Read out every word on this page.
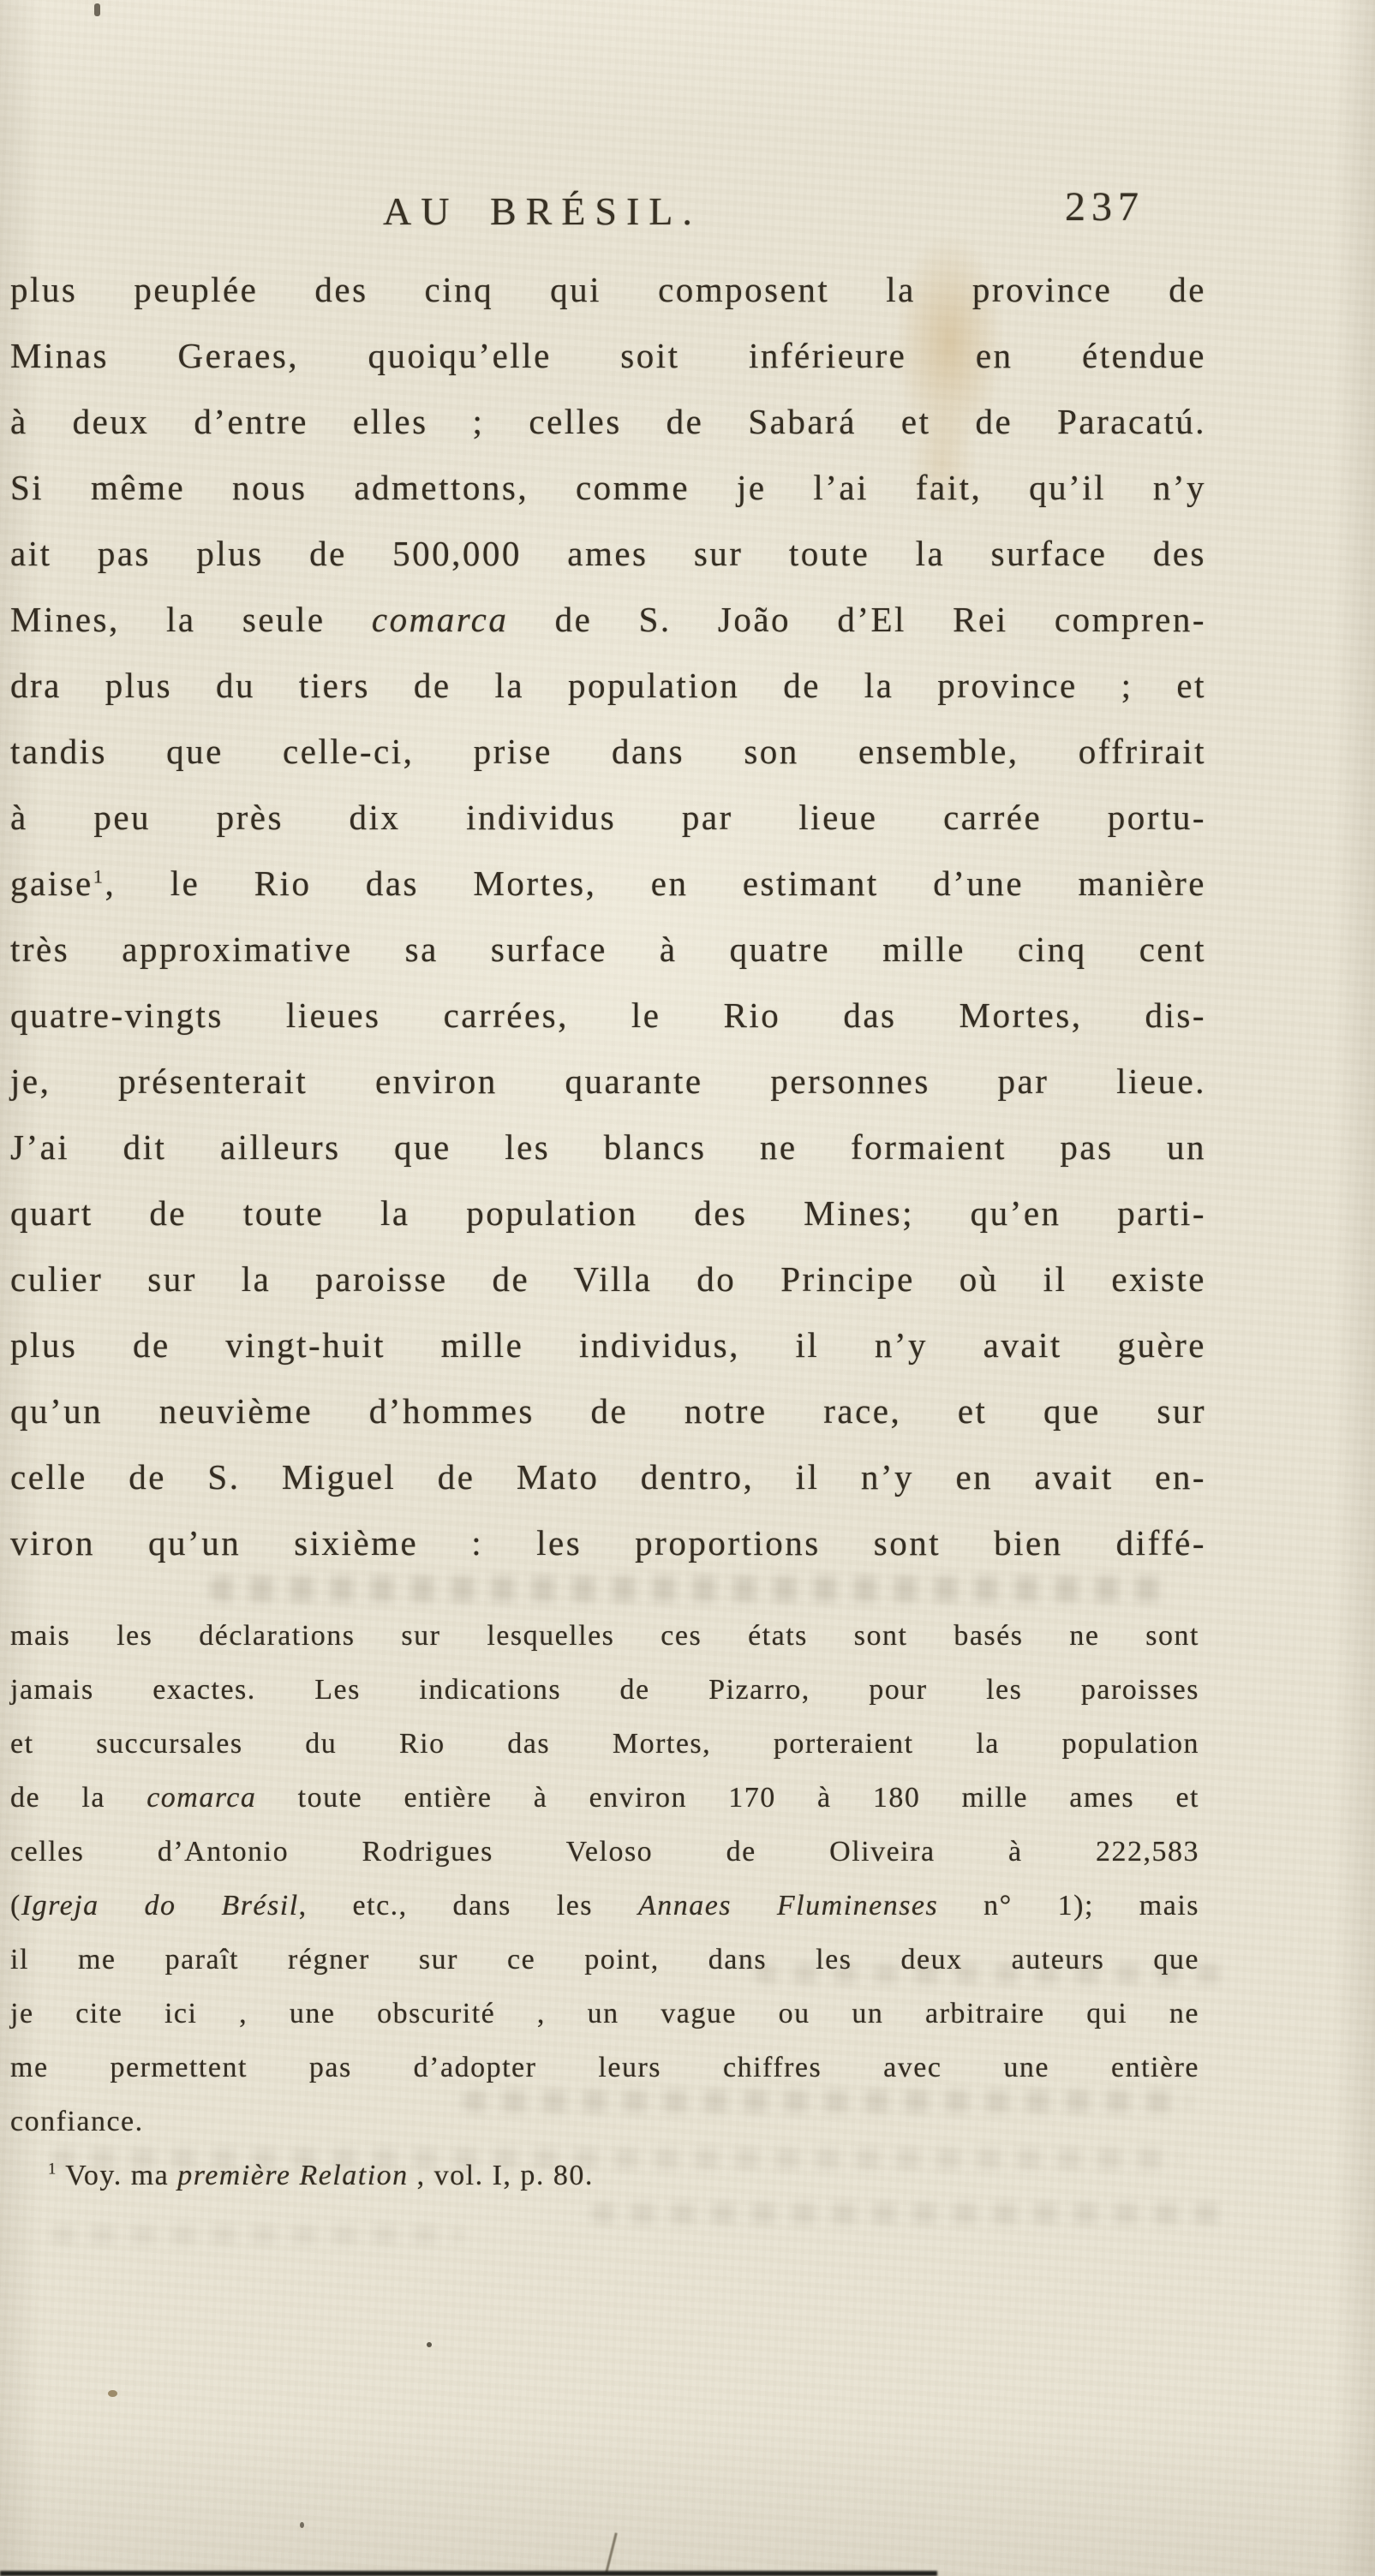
AU BRÉSIL.	237
plus peuplée des cinq qui composent la province de
Minas Geraes, quoiqu’elle soit inférieure en étendue
à deux d’entre elles ; celles de Sabará et de Paracatú.
Si même nous admettons, comme je l’ai fait, qu’il n’y
ait pas plus de 500,000 ames sur toute la surface des
Mines, la seule comarca de S. João d’El Rei compren-
dra plus du tiers de la population de la province ; et
tandis que celle-ci, prise dans son ensemble, offrirait
à peu près dix individus par lieue carrée portu-
gaise$^1$, le Rio das Mortes, en estimant d’une manière
très approximative sa surface à quatre mille cinq cent
quatre-vingts lieues carrées, le Rio das Mortes, dis-
je, présenterait environ quarante personnes par lieue.
J’ai dit ailleurs que les blancs ne formaient pas un
quart de toute la population des Mines; qu’en parti-
culier sur la paroisse de Villa do Principe où il existe
plus de vingt-huit mille individus, il n’y avait guère
qu’un neuvième d’hommes de notre race, et que sur
celle de S. Miguel de Mato dentro, il n’y en avait en-
viron qu’un sixième : les proportions sont bien diffé-
mais les déclarations sur lesquelles ces états sont basés ne sont
jamais exactes. Les indications de Pizarro, pour les paroisses
et succursales du Rio das Mortes, porteraient la population
de la comarca toute entière à environ 170 à 180 mille ames et
celles d’Antonio Rodrigues Veloso de Oliveira à 222,583
(Igreja do Brésil, etc., dans les Annaes Fluminenses n° 1); mais
il me paraît régner sur ce point, dans les deux auteurs que
je cite ici , une obscurité , un vague ou un arbitraire qui ne
me permettent pas d’adopter leurs chiffres avec une entière
confiance.
$^1$ Voy. ma première Relation , vol. I, p. 80.
